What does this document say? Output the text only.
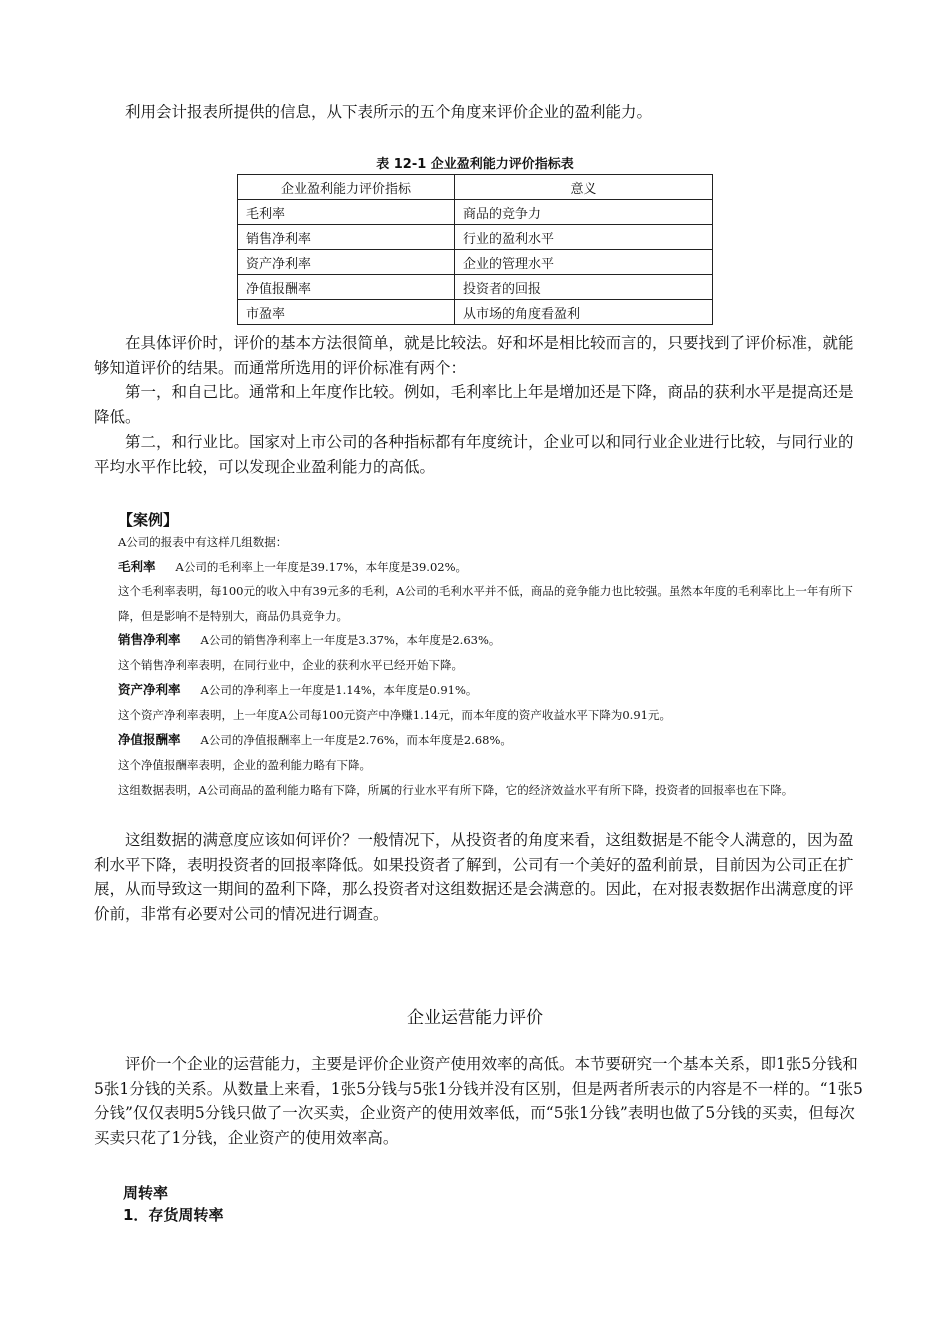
利用会计报表所提供的信息，从下表所示的五个角度来评价企业的盈利能力。

表 12-1 企业盈利能力评价指标表
企业盈利能力评价指标	意义
毛利率	商品的竞争力
销售净利率	行业的盈利水平
资产净利率	企业的管理水平
净值报酬率	投资者的回报
市盈率	从市场的角度看盈利

在具体评价时，评价的基本方法很简单，就是比较法。好和坏是相比较而言的，只要找到了评价标准，就能够知道评价的结果。而通常所选用的评价标准有两个：

第一，和自己比。通常和上年度作比较。例如，毛利率比上年是增加还是下降，商品的获利水平是提高还是降低。

第二，和行业比。国家对上市公司的各种指标都有年度统计，企业可以和同行业企业进行比较，与同行业的平均水平作比较，可以发现企业盈利能力的高低。

【案例】

A公司的报表中有这样几组数据：

毛利率 A公司的毛利率上一年度是39.17%，本年度是39.02%。

这个毛利率表明，每100元的收入中有39元多的毛利，A公司的毛利水平并不低，商品的竞争能力也比较强。虽然本年度的毛利率比上一年有所下降，但是影响不是特别大，商品仍具竞争力。

销售净利率 A公司的销售净利率上一年度是3.37%，本年度是2.63%。

这个销售净利率表明，在同行业中，企业的获利水平已经开始下降。

资产净利率 A公司的净利率上一年度是1.14%，本年度是0.91%。

这个资产净利率表明，上一年度A公司每100元资产中净赚1.14元，而本年度的资产收益水平下降为0.91元。

净值报酬率 A公司的净值报酬率上一年度是2.76%，而本年度是2.68%。

这个净值报酬率表明，企业的盈利能力略有下降。

这组数据表明，A公司商品的盈利能力略有下降，所属的行业水平有所下降，它的经济效益水平有所下降，投资者的回报率也在下降。

这组数据的满意度应该如何评价？一般情况下，从投资者的角度来看，这组数据是不能令人满意的，因为盈利水平下降，表明投资者的回报率降低。如果投资者了解到，公司有一个美好的盈利前景，目前因为公司正在扩展，从而导致这一期间的盈利下降，那么投资者对这组数据还是会满意的。因此，在对报表数据作出满意度的评价前，非常有必要对公司的情况进行调查。

企业运营能力评价

评价一个企业的运营能力，主要是评价企业资产使用效率的高低。本节要研究一个基本关系，即1张5分钱和5张1分钱的关系。从数量上来看，1张5分钱与5张1分钱并没有区别，但是两者所表示的内容是不一样的。“1张5分钱”仅仅表明5分钱只做了一次买卖，企业资产的使用效率低，而“5张1分钱”表明也做了5分钱的买卖，但每次买卖只花了1分钱，企业资产的使用效率高。

周转率
1．存货周转率
